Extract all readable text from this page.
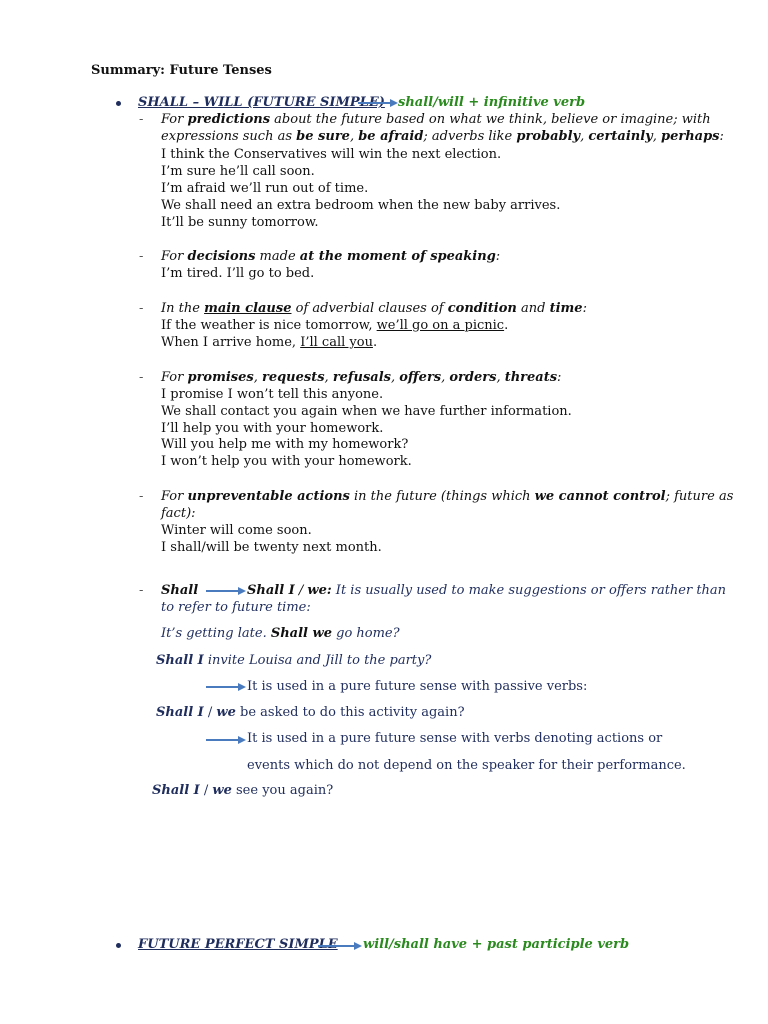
Summary: Future Tenses
SHALL – WILL (FUTURE SIMPLE) shall/will + infinitive verb
- For predictions about the future based on what we think, believe or imagine; with
expressions such as be sure, be afraid; adverbs like probably, certainly, perhaps:
I think the Conservatives will win the next election.
I’m sure he’ll call soon.
I’m afraid we’ll run out of time.
We shall need an extra bedroom when the new baby arrives.
It’ll be sunny tomorrow.
- For decisions made at the moment of speaking:
I’m tired. I’ll go to bed.
- In the main clause of adverbial clauses of condition and time:
If the weather is nice tomorrow, we’ll go on a picnic.
When I arrive home, I’ll call you.
- For promises, requests, refusals, offers, orders, threats:
I promise I won’t tell this anyone.
We shall contact you again when we have further information.
I’ll help you with your homework.
Will you help me with my homework?
I won’t help you with your homework.
- For unpreventable actions in the future (things which we cannot control; future as
fact):
Winter will come soon.
I shall/will be twenty next month.
- Shall	Shall I / we: It is usually used to make suggestions or offers rather than
to refer to future time:
It’s getting late. Shall we go home?
Shall I invite Louisa and Jill to the party?
It is used in a pure future sense with passive verbs:
Shall I / we be asked to do this activity again?
It is used in a pure future sense with verbs denoting actions or
events which do not depend on the speaker for their performance.
Shall I / we see you again?
FUTURE PERFECT SIMPLE will/shall have + past participle verb
